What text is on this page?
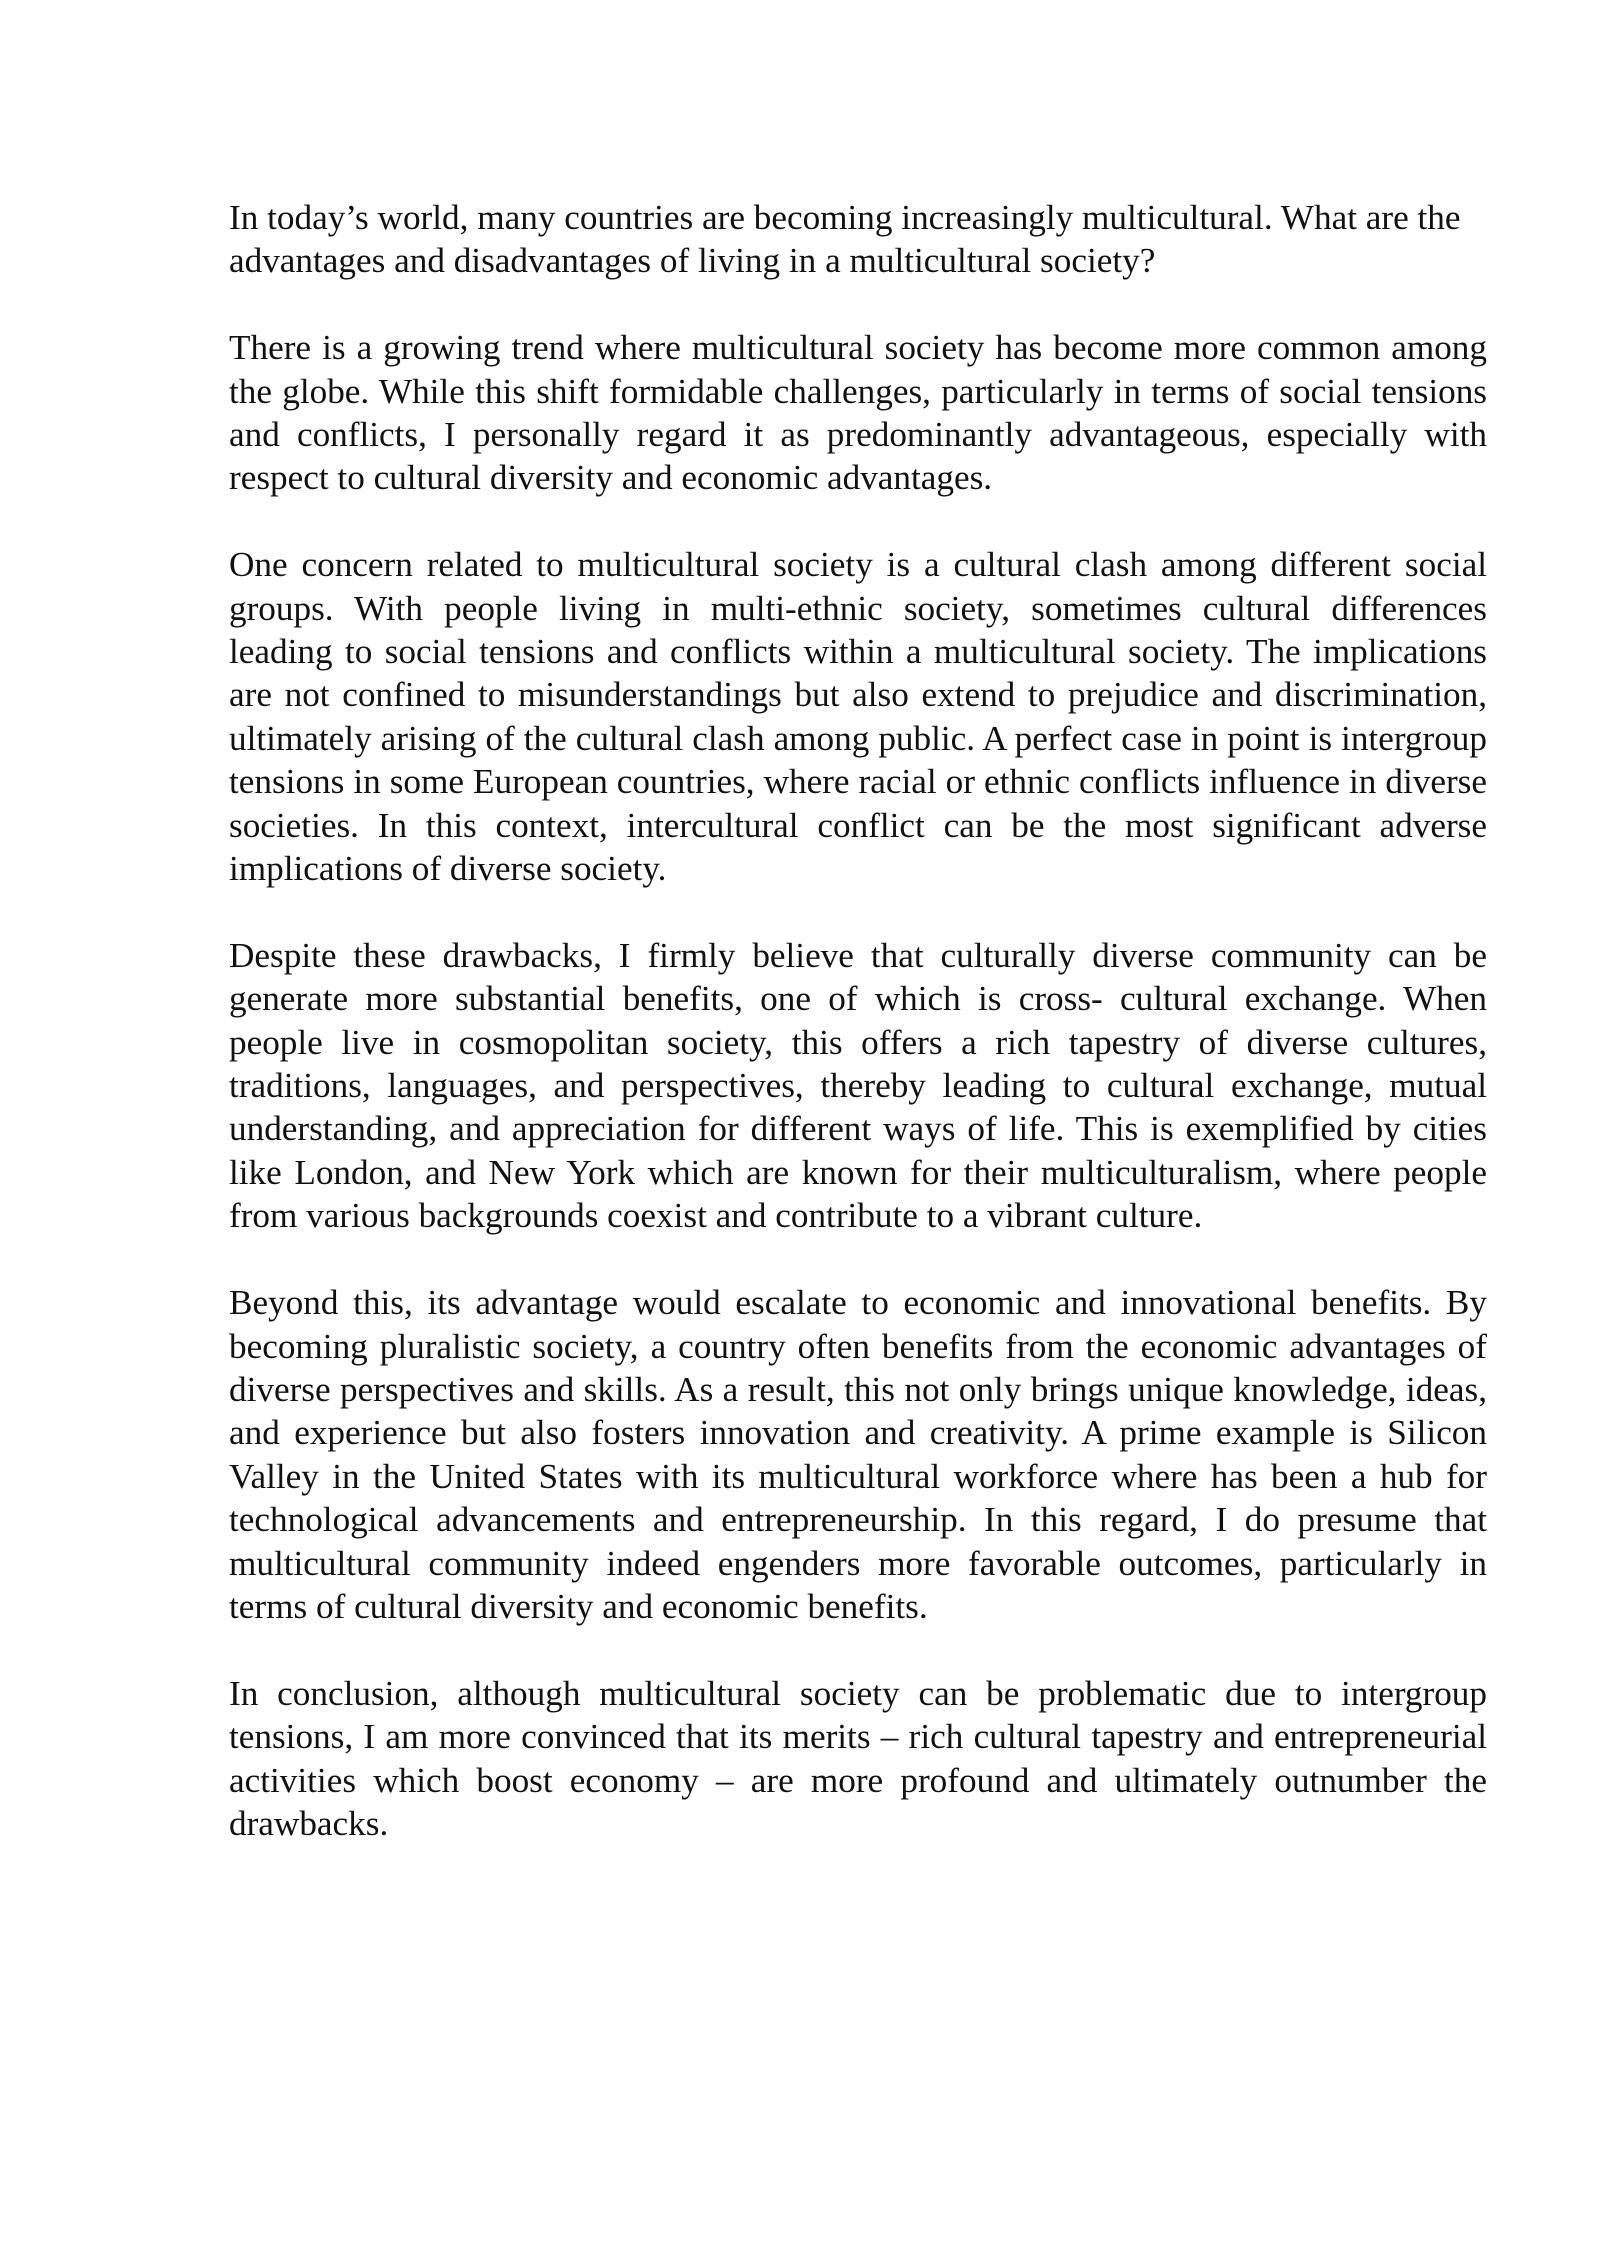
In today’s world, many countries are becoming increasingly multicultural. What are the advantages and disadvantages of living in a multicultural society?

There is a growing trend where multicultural society has become more common among the globe. While this shift formidable challenges, particularly in terms of social tensions and conflicts, I personally regard it as predominantly advantageous, especially with respect to cultural diversity and economic advantages.

One concern related to multicultural society is a cultural clash among different social groups. With people living in multi-ethnic society, sometimes cultural differences leading to social tensions and conflicts within a multicultural society. The implications are not confined to misunderstandings but also extend to prejudice and discrimination, ultimately arising of the cultural clash among public. A perfect case in point is intergroup tensions in some European countries, where racial or ethnic conflicts influence in diverse societies. In this context, intercultural conflict can be the most significant adverse implications of diverse society.

Despite these drawbacks, I firmly believe that culturally diverse community can be generate more substantial benefits, one of which is cross- cultural exchange. When people live in cosmopolitan society, this offers a rich tapestry of diverse cultures, traditions, languages, and perspectives, thereby leading to cultural exchange, mutual understanding, and appreciation for different ways of life. This is exemplified by cities like London, and New York which are known for their multiculturalism, where people from various backgrounds coexist and contribute to a vibrant culture.

Beyond this, its advantage would escalate to economic and innovational benefits. By becoming pluralistic society, a country often benefits from the economic advantages of diverse perspectives and skills. As a result, this not only brings unique knowledge, ideas, and experience but also fosters innovation and creativity. A prime example is Silicon Valley in the United States with its multicultural workforce where has been a hub for technological advancements and entrepreneurship. In this regard, I do presume that multicultural community indeed engenders more favorable outcomes, particularly in terms of cultural diversity and economic benefits.

In conclusion, although multicultural society can be problematic due to intergroup tensions, I am more convinced that its merits – rich cultural tapestry and entrepreneurial activities which boost economy – are more profound and ultimately outnumber the drawbacks.
